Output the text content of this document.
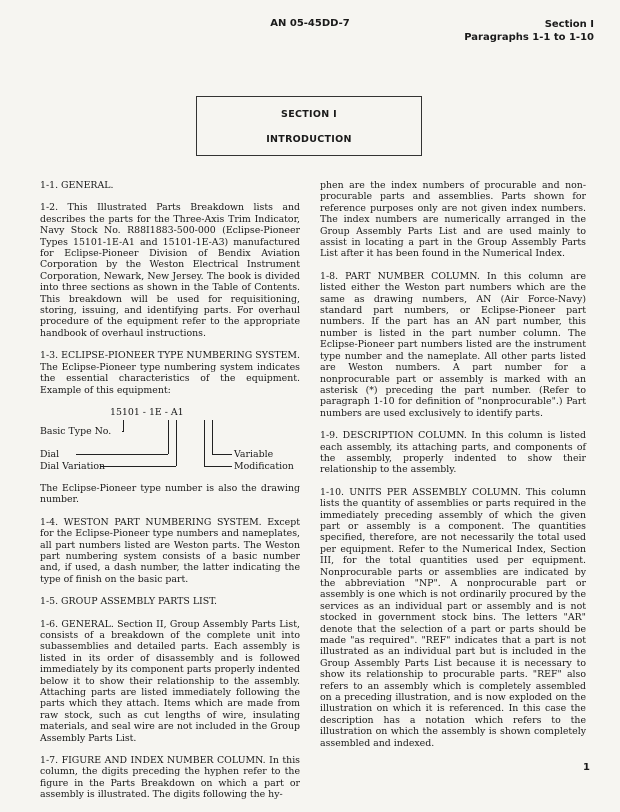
AN 05-45DD-7	Section I
Paragraphs 1-1 to 1-10
SECTION I
INTRODUCTION

1-1. GENERAL.

1-2. This Illustrated Parts Breakdown lists and describes the parts for the Three-Axis Trim Indicator, Navy Stock No. R88I1883-500-000 (Eclipse-Pioneer Types 15101-1E-A1 and 15101-1E-A3) manufactured for Eclipse-Pioneer Division of Bendix Aviation Corporation by the Weston Electrical Instrument Corporation, Newark, New Jersey. The book is divided into three sections as shown in the Table of Contents. This breakdown will be used for requisitioning, storing, issuing, and identifying parts. For overhaul procedure of the equipment refer to the appropriate handbook of overhaul instructions.

1-3. ECLIPSE-PIONEER TYPE NUMBERING SYSTEM. The Eclipse-Pioneer type numbering system indicates the essential characteristics of the equipment. Example of this equipment:

15101 - 1E - A1
Basic Type No.
Dial
Dial Variation
Variable
Modification

The Eclipse-Pioneer type number is also the drawing number.

1-4. WESTON PART NUMBERING SYSTEM. Except for the Eclipse-Pioneer type numbers and nameplates, all part numbers listed are Weston parts. The Weston part numbering system consists of a basic number and, if used, a dash number, the latter indicating the type of finish on the basic part.

1-5. GROUP ASSEMBLY PARTS LIST.

1-6. GENERAL. Section II, Group Assembly Parts List, consists of a breakdown of the complete unit into subassemblies and detailed parts. Each assembly is listed in its order of disassembly and is followed immediately by its component parts properly indented below it to show their relationship to the assembly. Attaching parts are listed immediately following the parts which they attach. Items which are made from raw stock, such as cut lengths of wire, insulating materials, and seal wire are not included in the Group Assembly Parts List.

1-7. FIGURE AND INDEX NUMBER COLUMN. In this column, the digits preceding the hyphen refer to the figure in the Parts Breakdown on which a part or assembly is illustrated. The digits following the hy-

phen are the index numbers of procurable and non-procurable parts and assemblies. Parts shown for reference purposes only are not given index numbers. The index numbers are numerically arranged in the Group Assembly Parts List and are used mainly to assist in locating a part in the Group Assembly Parts List after it has been found in the Numerical Index.

1-8. PART NUMBER COLUMN. In this column are listed either the Weston part numbers which are the same as drawing numbers, AN (Air Force-Navy) standard part numbers, or Eclipse-Pioneer part numbers. If the part has an AN part number, this number is listed in the part number column. The Eclipse-Pioneer part numbers listed are the instrument type number and the nameplate. All other parts listed are Weston numbers. A part number for a nonprocurable part or assembly is marked with an asterisk (*) preceding the part number. (Refer to paragraph 1-10 for definition of "nonprocurable".) Part numbers are used exclusively to identify parts.

1-9. DESCRIPTION COLUMN. In this column is listed each assembly, its attaching parts, and components of the assembly, properly indented to show their relationship to the assembly.

1-10. UNITS PER ASSEMBLY COLUMN. This column lists the quantity of assemblies or parts required in the immediately preceding assembly of which the given part or assembly is a component. The quantities specified, therefore, are not necessarily the total used per equipment. Refer to the Numerical Index, Section III, for the total quantities used per equipment. Nonprocurable parts or assemblies are indicated by the abbreviation "NP". A nonprocurable part or assembly is one which is not ordinarily procured by the services as an individual part or assembly and is not stocked in government stock bins. The letters "AR" denote that the selection of a part or parts should be made "as required". "REF" indicates that a part is not illustrated as an individual part but is included in the Group Assembly Parts List because it is necessary to show its relationship to procurable parts. "REF" also refers to an assembly which is completely assembled on a preceding illustration, and is now exploded on the illustration on which it is referenced. In this case the description has a notation which refers to the illustration on which the assembly is shown completely assembled and indexed.

1
